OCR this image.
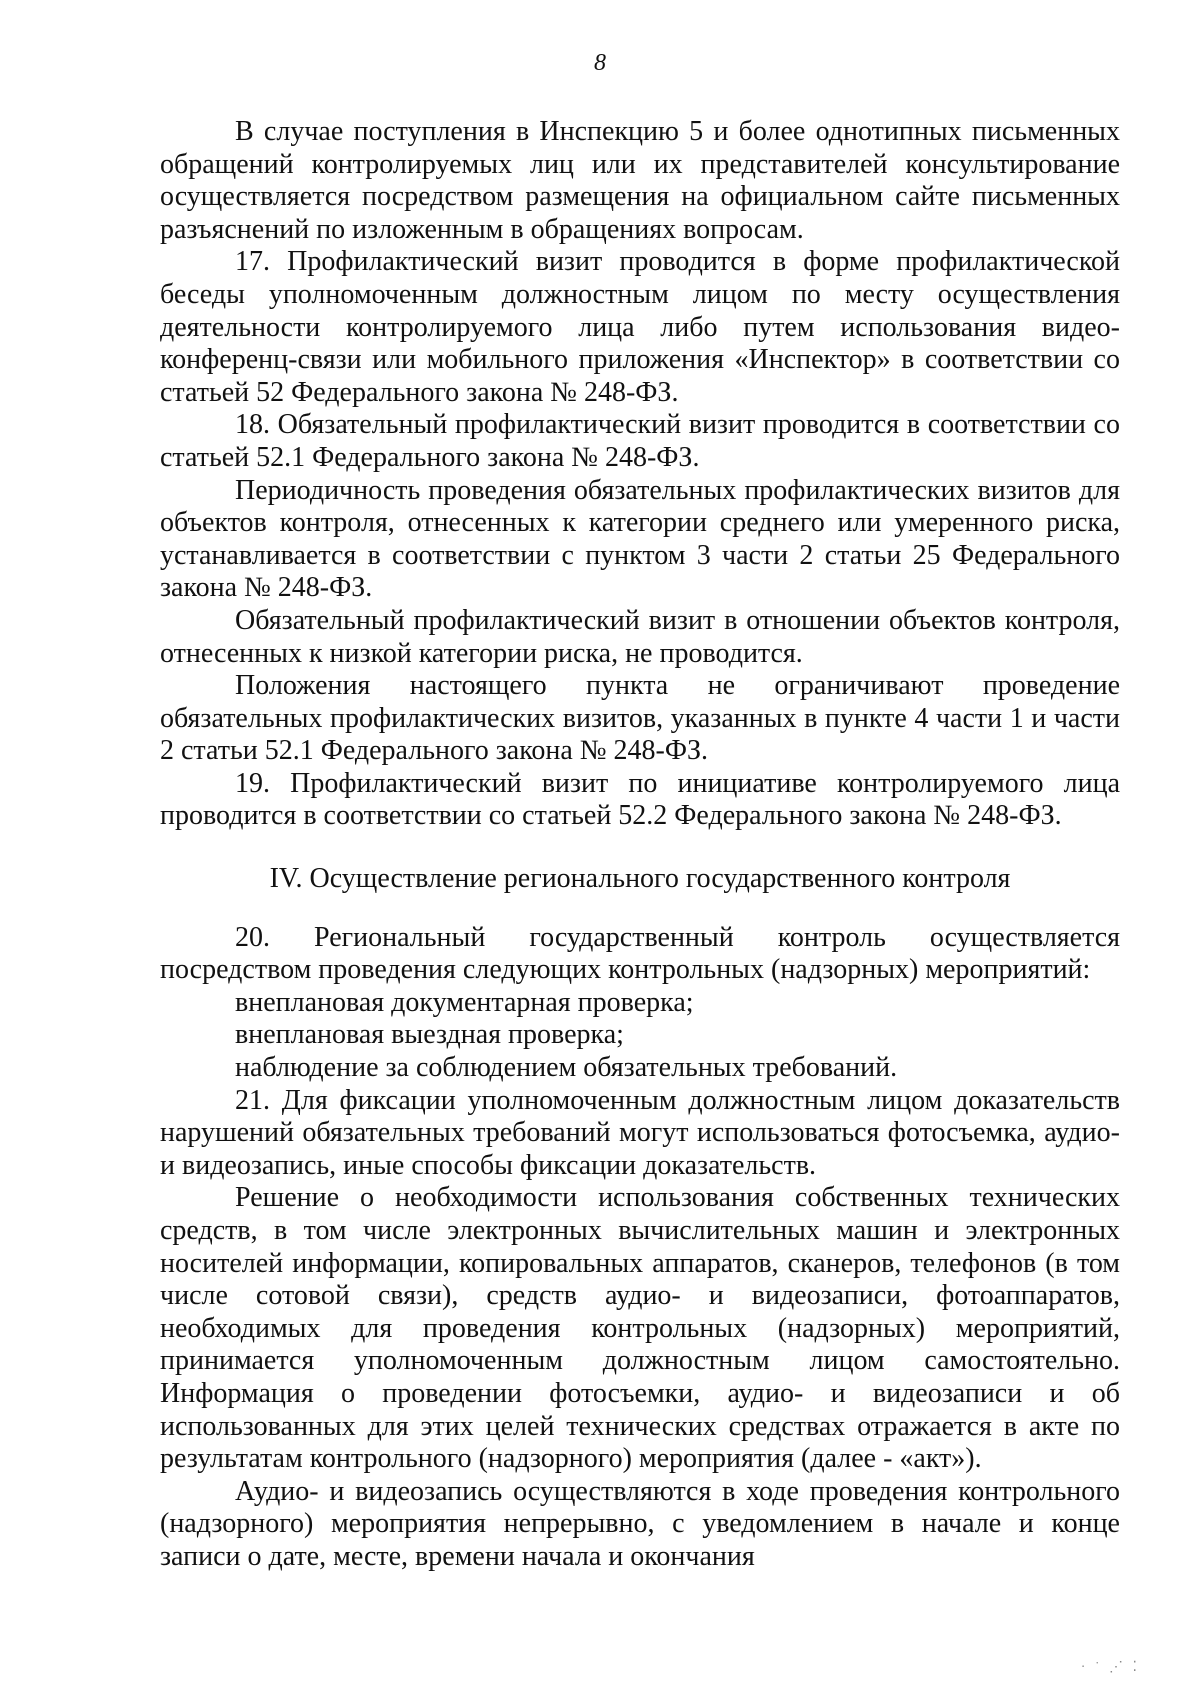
8

В случае поступления в Инспекцию 5 и более однотипных письменных обращений контролируемых лиц или их представителей консультирование осуществляется посредством размещения на официальном сайте письменных разъяснений по изложенным в обращениях вопросам.

17. Профилактический визит проводится в форме профилактической беседы уполномоченным должностным лицом по месту осуществления деятельности контролируемого лица либо путем использования видео-конференц-связи или мобильного приложения «Инспектор» в соответствии со статьей 52 Федерального закона № 248-ФЗ.

18. Обязательный профилактический визит проводится в соответствии со статьей 52.1 Федерального закона № 248-ФЗ.

Периодичность проведения обязательных профилактических визитов для объектов контроля, отнесенных к категории среднего или умеренного риска, устанавливается в соответствии с пунктом 3 части 2 статьи 25 Федерального закона № 248-ФЗ.

Обязательный профилактический визит в отношении объектов контроля, отнесенных к низкой категории риска, не проводится.

Положения настоящего пункта не ограничивают проведение обязательных профилактических визитов, указанных в пункте 4 части 1 и части 2 статьи 52.1 Федерального закона № 248-ФЗ.

19. Профилактический визит по инициативе контролируемого лица проводится в соответствии со статьей 52.2 Федерального закона № 248-ФЗ.

IV. Осуществление регионального государственного контроля

20. Региональный государственный контроль осуществляется посредством проведения следующих контрольных (надзорных) мероприятий:

внеплановая документарная проверка;

внеплановая выездная проверка;

наблюдение за соблюдением обязательных требований.

21. Для фиксации уполномоченным должностным лицом доказательств нарушений обязательных требований могут использоваться фотосъемка, аудио- и видеозапись, иные способы фиксации доказательств.

Решение о необходимости использования собственных технических средств, в том числе электронных вычислительных машин и электронных носителей информации, копировальных аппаратов, сканеров, телефонов (в том числе сотовой связи), средств аудио- и видеозаписи, фотоаппаратов, необходимых для проведения контрольных (надзорных) мероприятий, принимается уполномоченным должностным лицом самостоятельно. Информация о проведении фотосъемки, аудио- и видеозаписи и об использованных для этих целей технических средствах отражается в акте по результатам контрольного (надзорного) мероприятия (далее - «акт»).

Аудио- и видеозапись осуществляются в ходе проведения контрольного (надзорного) мероприятия непрерывно, с уведомлением в начале и конце записи о дате, месте, времени начала и окончания

· ˙ ⋰ ⁚
